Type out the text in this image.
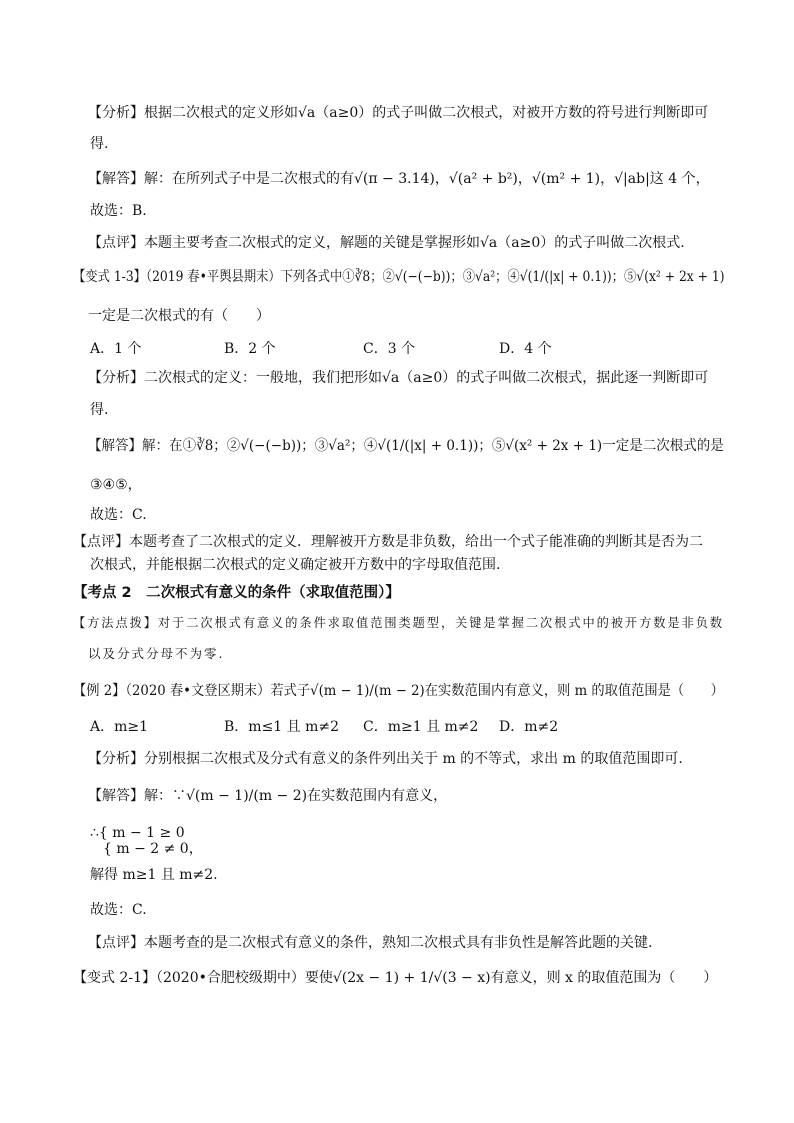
【分析】根据二次根式的定义形如√a（a≥0）的式子叫做二次根式，对被开方数的符号进行判断即可
得.
【解答】解：在所列式子中是二次根式的有√(π − 3.14)，√(a² + b²)，√(m² + 1)，√|ab|这 4 个，
故选：B.
【点评】本题主要考查二次根式的定义，解题的关键是掌握形如√a（a≥0）的式子叫做二次根式.
【变式 1-3】（2019 春•平舆县期末）下列各式中①∛8；②√(−(−b))；③√a²；④√(1/(|x| + 0.1))；⑤√(x² + 2x + 1)
一定是二次根式的有（　　）
A．1 个	B．2 个	C．3 个	D．4 个
【分析】二次根式的定义：一般地，我们把形如√a（a≥0）的式子叫做二次根式，据此逐一判断即可
得.
【解答】解：在①∛8；②√(−(−b))；③√a²；④√(1/(|x| + 0.1))；⑤√(x² + 2x + 1)一定是二次根式的是
③④⑤，
故选：C.
【点评】本题考查了二次根式的定义．理解被开方数是非负数，给出一个式子能准确的判断其是否为二
次根式，并能根据二次根式的定义确定被开方数中的字母取值范围.
【考点 2　二次根式有意义的条件（求取值范围）】
【方法点拨】对于二次根式有意义的条件求取值范围类题型，关键是掌握二次根式中的被开方数是非负数
以及分式分母不为零.
【例 2】（2020 春•文登区期末）若式子√(m − 1)/(m − 2)在实数范围内有意义，则 m 的取值范围是（　　）
A．m≥1	B．m≤1 且 m≠2 C．m≥1 且 m≠2 D．m≠2
【分析】分别根据二次根式及分式有意义的条件列出关于 m 的不等式，求出 m 的取值范围即可.
【解答】解：∵√(m − 1)/(m − 2)在实数范围内有意义，
∴{ m − 1 ≥ 0
{ m − 2 ≠ 0，
解得 m≥1 且 m≠2.
故选：C.
【点评】本题考查的是二次根式有意义的条件，熟知二次根式具有非负性是解答此题的关键.
【变式 2-1】（2020•合肥校级期中）要使√(2x − 1) + 1/√(3 − x)有意义，则 x 的取值范围为（　　）
